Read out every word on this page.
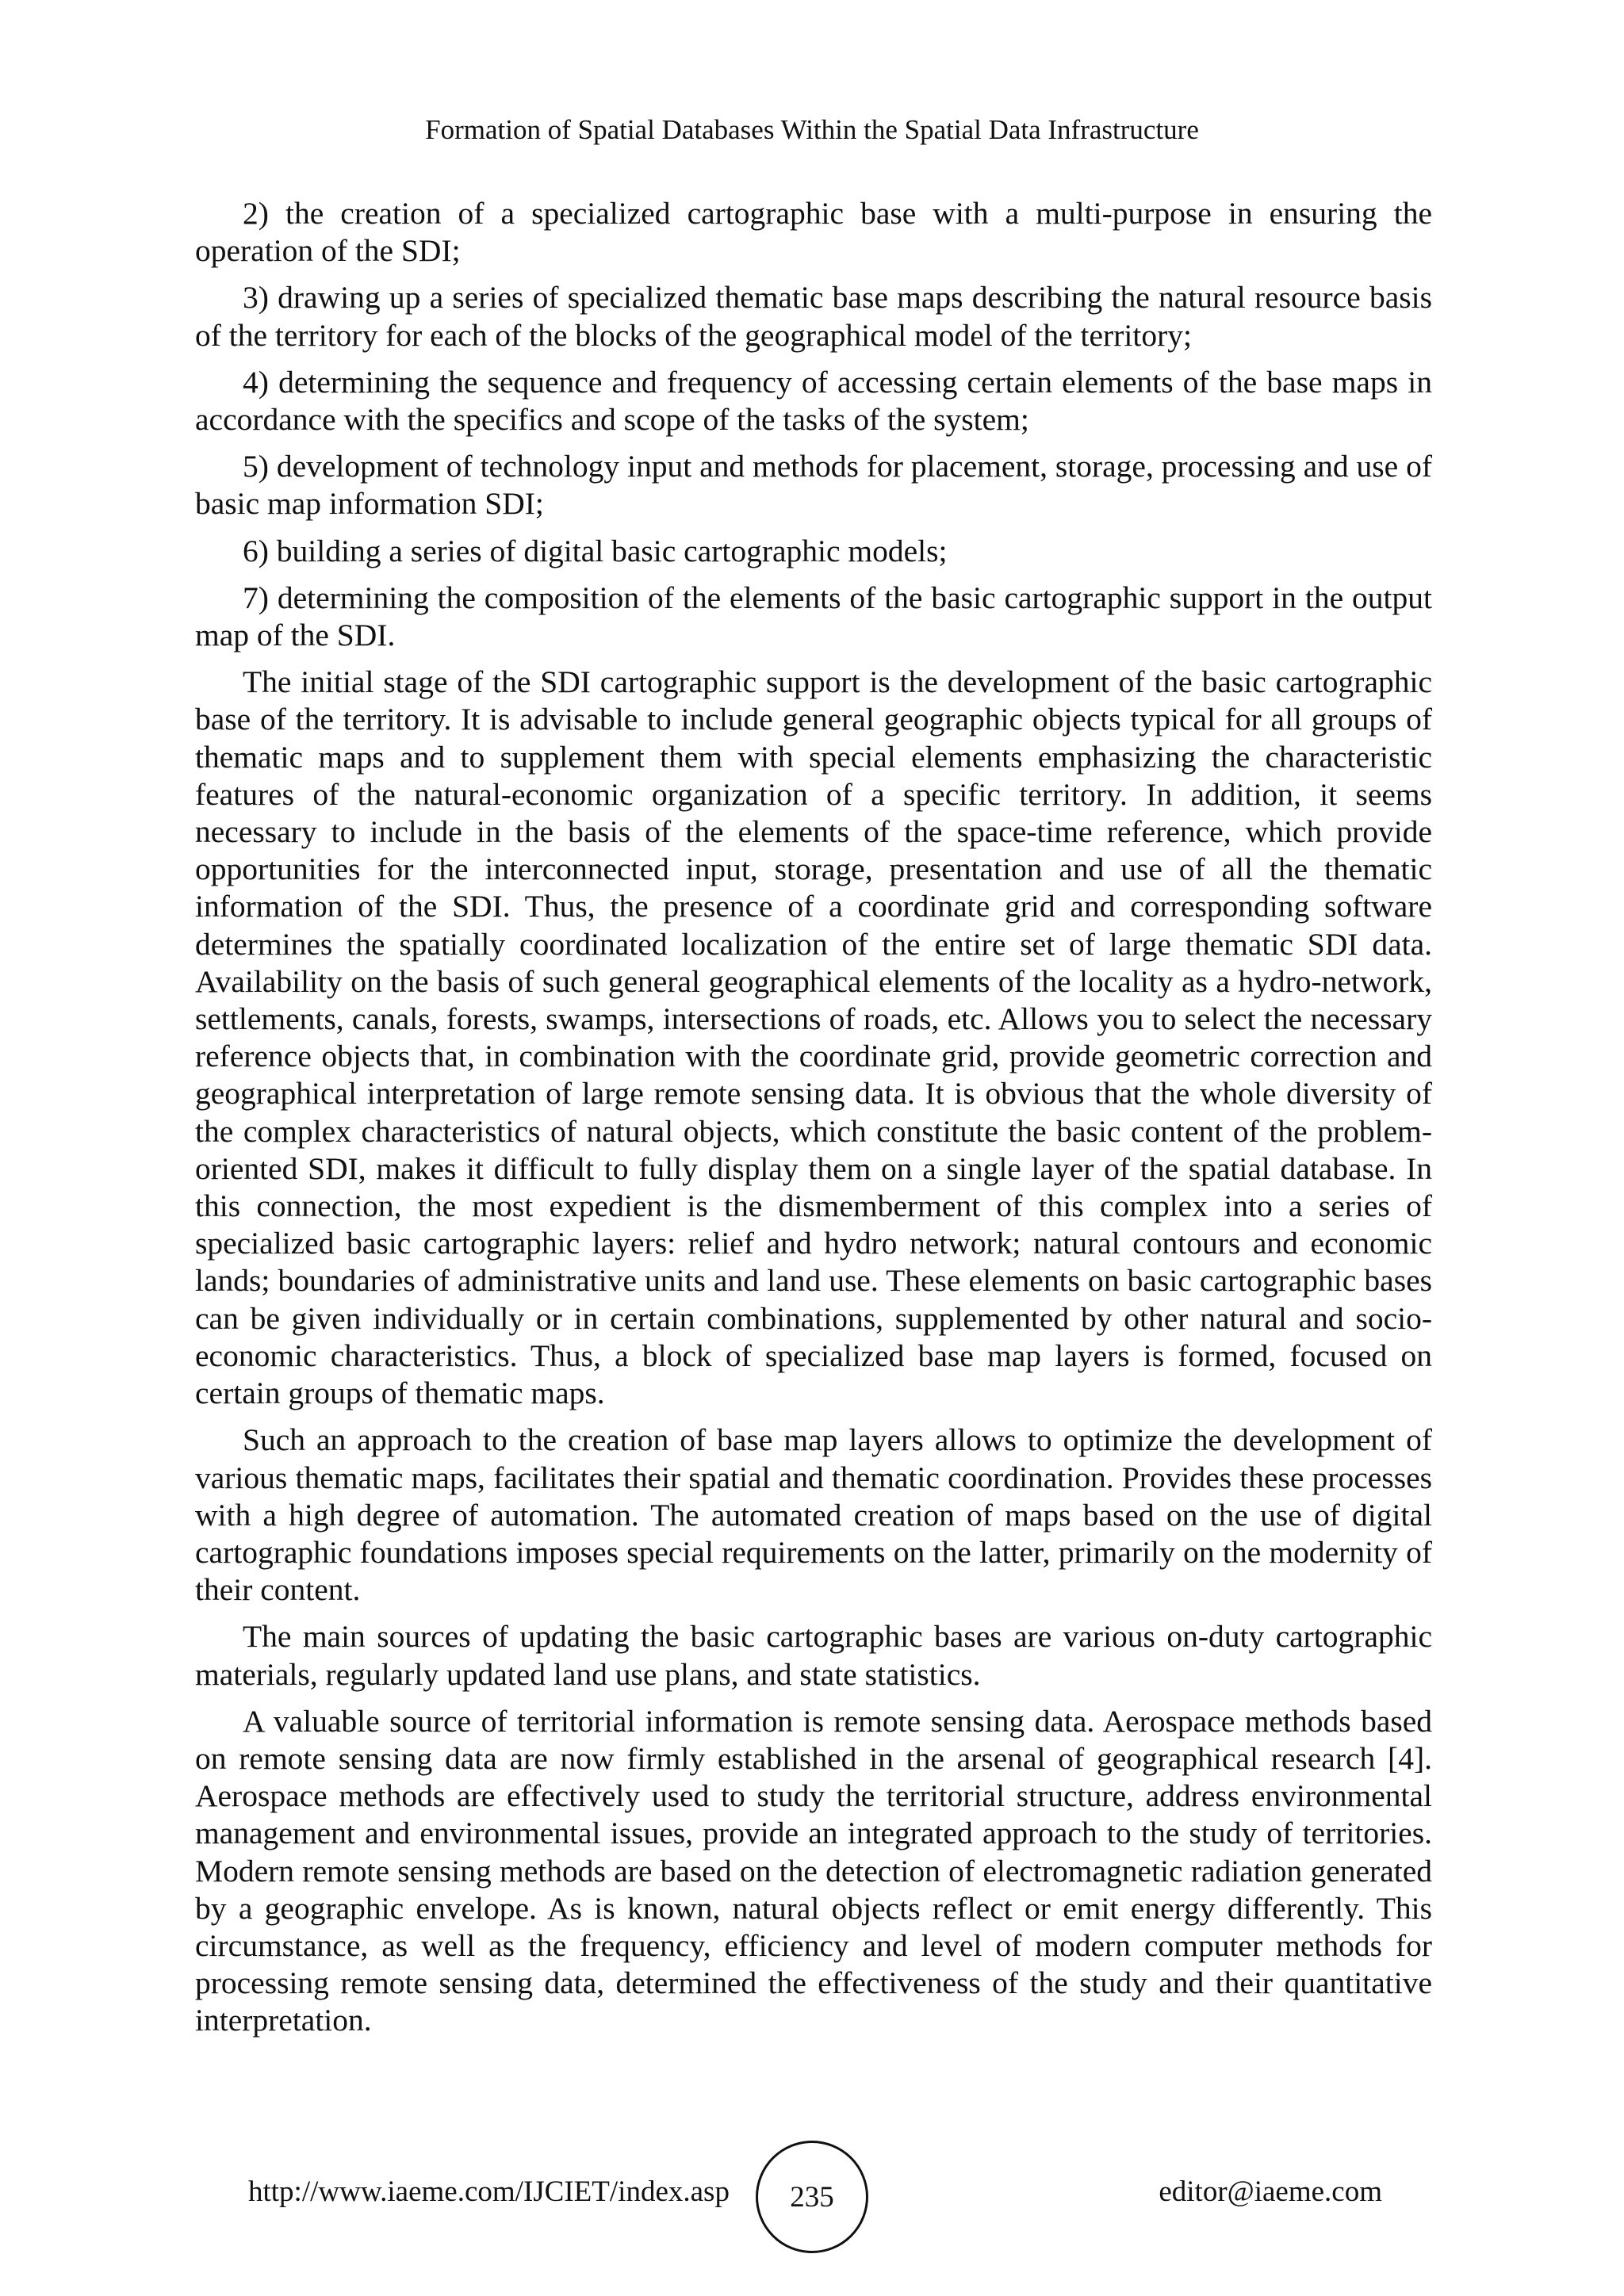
Formation of Spatial Databases Within the Spatial Data Infrastructure

2) the creation of a specialized cartographic base with a multi-purpose in ensuring the operation of the SDI;

3) drawing up a series of specialized thematic base maps describing the natural resource basis of the territory for each of the blocks of the geographical model of the territory;

4) determining the sequence and frequency of accessing certain elements of the base maps in accordance with the specifics and scope of the tasks of the system;

5) development of technology input and methods for placement, storage, processing and use of basic map information SDI;

6) building a series of digital basic cartographic models;

7) determining the composition of the elements of the basic cartographic support in the output map of the SDI.

The initial stage of the SDI cartographic support is the development of the basic cartographic base of the territory. It is advisable to include general geographic objects typical for all groups of thematic maps and to supplement them with special elements emphasizing the characteristic features of the natural-economic organization of a specific territory. In addition, it seems necessary to include in the basis of the elements of the space-time reference, which provide opportunities for the interconnected input, storage, presentation and use of all the thematic information of the SDI. Thus, the presence of a coordinate grid and corresponding software determines the spatially coordinated localization of the entire set of large thematic SDI data. Availability on the basis of such general geographical elements of the locality as a hydro-network, settlements, canals, forests, swamps, intersections of roads, etc. Allows you to select the necessary reference objects that, in combination with the coordinate grid, provide geometric correction and geographical interpretation of large remote sensing data. It is obvious that the whole diversity of the complex characteristics of natural objects, which constitute the basic content of the problem-oriented SDI, makes it difficult to fully display them on a single layer of the spatial database. In this connection, the most expedient is the dismemberment of this complex into a series of specialized basic cartographic layers: relief and hydro network; natural contours and economic lands; boundaries of administrative units and land use. These elements on basic cartographic bases can be given individually or in certain combinations, supplemented by other natural and socio-economic characteristics. Thus, a block of specialized base map layers is formed, focused on certain groups of thematic maps.

Such an approach to the creation of base map layers allows to optimize the development of various thematic maps, facilitates their spatial and thematic coordination. Provides these processes with a high degree of automation. The automated creation of maps based on the use of digital cartographic foundations imposes special requirements on the latter, primarily on the modernity of their content.

The main sources of updating the basic cartographic bases are various on-duty cartographic materials, regularly updated land use plans, and state statistics.

A valuable source of territorial information is remote sensing data. Aerospace methods based on remote sensing data are now firmly established in the arsenal of geographical research [4]. Aerospace methods are effectively used to study the territorial structure, address environmental management and environmental issues, provide an integrated approach to the study of territories. Modern remote sensing methods are based on the detection of electromagnetic radiation generated by a geographic envelope. As is known, natural objects reflect or emit energy differently. This circumstance, as well as the frequency, efficiency and level of modern computer methods for processing remote sensing data, determined the effectiveness of the study and their quantitative interpretation.

http://www.iaeme.com/IJCIET/index.asp 235	editor@iaeme.com
